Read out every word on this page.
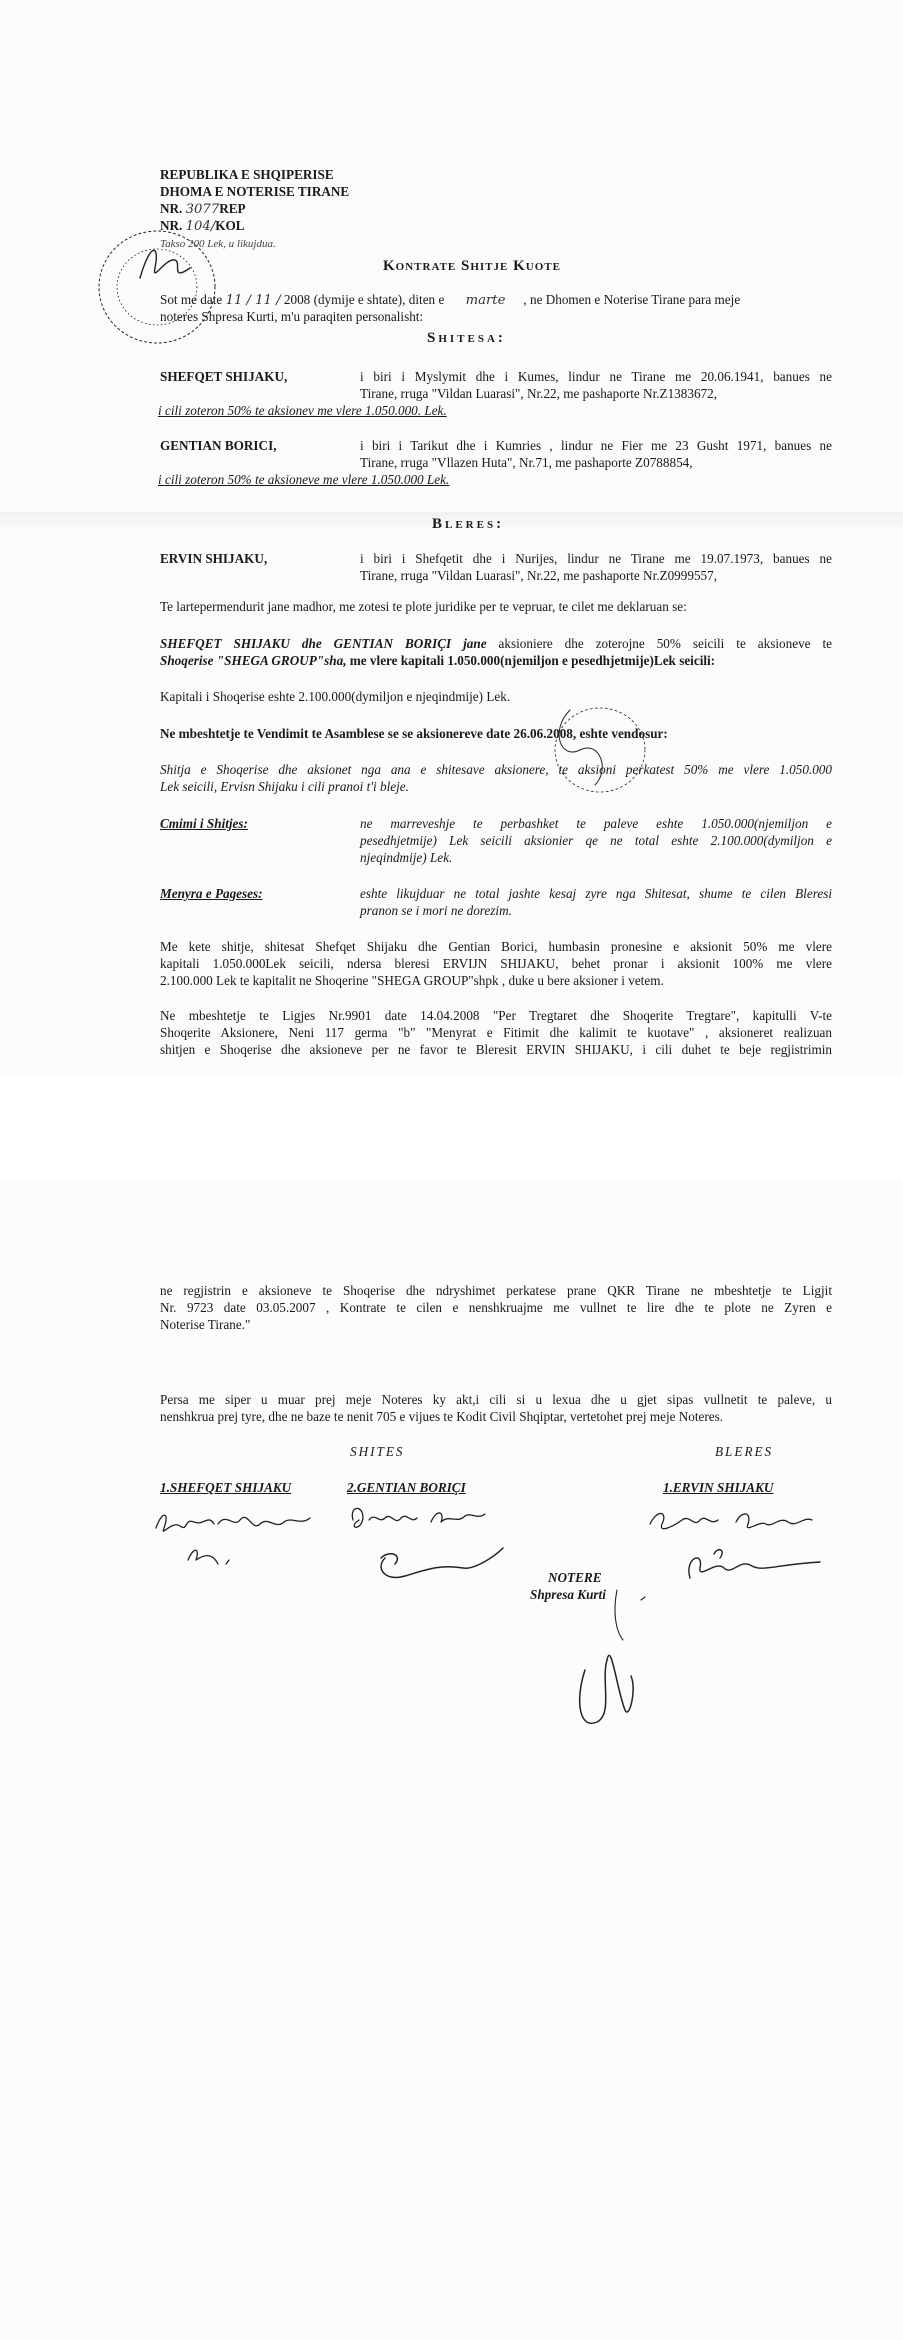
REPUBLIKA E SHQIPERISE
DHOMA E NOTERISE TIRANE
NR. 3077REP
NR. 104/KOL
Takso 200 Lek, u likujdua.
Kontrate Shitje Kuote
Sot me date 11 / 11 / 2008 (dymije e shtate), diten e marte , ne Dhomen e Noterise Tirane para meje
noteres Shpresa Kurti, m'u paraqiten personalisht:
Shitesa:
SHEFQET SHIJAKU,	i biri i Myslymit dhe i Kumes, lindur ne Tirane me 20.06.1941, banues ne
Tirane, rruga "Vildan Luarasi", Nr.22, me pashaporte Nr.Z1383672,
i cili zoteron 50% te aksionev me vlere 1.050.000. Lek.
GENTIAN BORICI,	i biri i Tarikut dhe i Kumries , lindur ne Fier me 23 Gusht 1971, banues ne
Tirane, rruga "Vllazen Huta", Nr.71, me pashaporte Z0788854,
i cili zoteron 50% te aksioneve me vlere 1.050.000 Lek.
Bleres:
ERVIN SHIJAKU,	i biri i Shefqetit dhe i Nurijes, lindur ne Tirane me 19.07.1973, banues ne
Tirane, rruga "Vildan Luarasi", Nr.22, me pashaporte Nr.Z0999557,
Te lartepermendurit jane madhor, me zotesi te plote juridike per te vepruar, te cilet me deklaruan se:
SHEFQET SHIJAKU dhe GENTIAN BORIÇI jane aksioniere dhe zoterojne 50% seicili te aksioneve te
Shoqerise "SHEGA GROUP"sha, me vlere kapitali 1.050.000(njemiljon e pesedhjetmije)Lek seicili:
Kapitali i Shoqerise eshte 2.100.000(dymiljon e njeqindmije) Lek.
Ne mbeshtetje te Vendimit te Asamblese se se aksionereve date 26.06.2008, eshte vendosur:
Shitja e Shoqerise dhe aksionet nga ana e shitesave aksionere, te aksioni perkatest 50% me vlere 1.050.000
Lek seicili, Ervisn Shijaku i cili pranoi t'i bleje.
Cmimi i Shitjes:	ne marreveshje te perbashket te paleve eshte 1.050.000(njemiljon e
pesedhjetmije) Lek seicili aksionier qe ne total eshte 2.100.000(dymiljon e
njeqindmije) Lek.
Menyra e Pageses:	eshte likujduar ne total jashte kesaj zyre nga Shitesat, shume te cilen Bleresi
pranon se i mori ne dorezim.
Me kete shitje, shitesat Shefqet Shijaku dhe Gentian Borici, humbasin pronesine e aksionit 50% me vlere
kapitali 1.050.000Lek seicili, ndersa bleresi ERVIJN SHIJAKU, behet pronar i aksionit 100% me vlere
2.100.000 Lek te kapitalit ne Shoqerine "SHEGA GROUP"shpk , duke u bere aksioner i vetem.
Ne mbeshtetje te Ligjes Nr.9901 date 14.04.2008 "Per Tregtaret dhe Shoqerite Tregtare", kapitulli V-te
Shoqerite Aksionere, Neni 117 germa "b" "Menyrat e Fitimit dhe kalimit te kuotave" , aksioneret realizuan
shitjen e Shoqerise dhe aksioneve per ne favor te Bleresit ERVIN SHIJAKU, i cili duhet te beje regjistrimin
ne regjistrin e aksioneve te Shoqerise dhe ndryshimet perkatese prane QKR Tirane ne mbeshtetje te Ligjit
Nr. 9723 date 03.05.2007 , Kontrate te cilen e nenshkruajme me vullnet te lire dhe te plote ne Zyren e
Noterise Tirane."
Persa me siper u muar prej meje Noteres ky akt,i cili si u lexua dhe u gjet sipas vullnetit te paleve, u
nenshkrua prej tyre, dhe ne baze te nenit 705 e vijues te Kodit Civil Shqiptar, vertetohet prej meje Noteres.
SHITES	BLERES
1.SHEFQET SHIJAKU	2.GENTIAN BORIÇI	1.ERVIN SHIJAKU
NOTERE
Shpresa Kurti
